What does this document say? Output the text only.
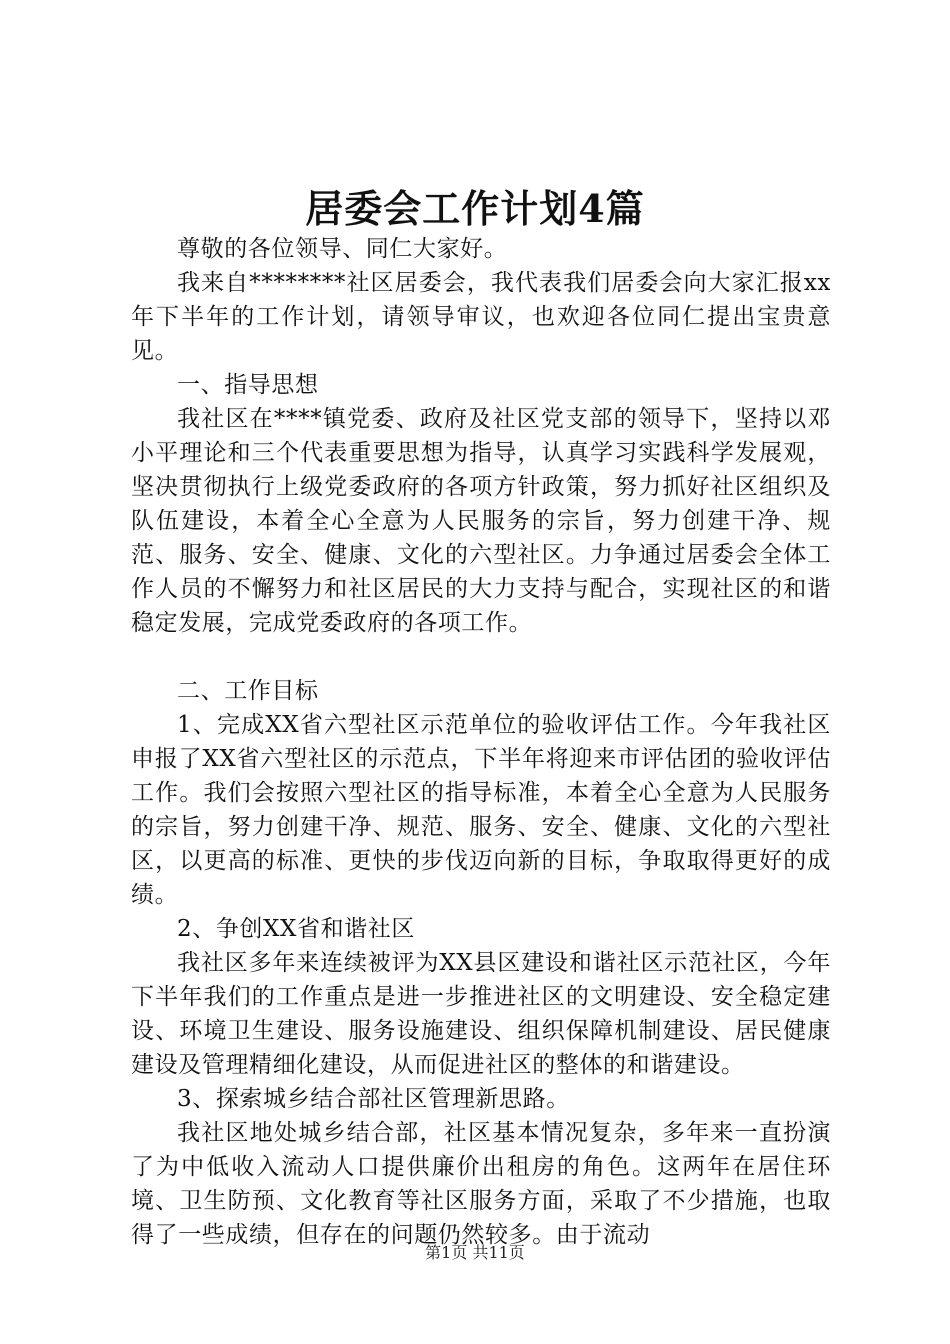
居委会工作计划4篇

尊敬的各位领导、同仁大家好。

我来自********社区居委会，我代表我们居委会向大家汇报xx年下半年的工作计划，请领导审议，也欢迎各位同仁提出宝贵意见。

一、指导思想

我社区在****镇党委、政府及社区党支部的领导下，坚持以邓小平理论和三个代表重要思想为指导，认真学习实践科学发展观，坚决贯彻执行上级党委政府的各项方针政策，努力抓好社区组织及队伍建设，本着全心全意为人民服务的宗旨，努力创建干净、规范、服务、安全、健康、文化的六型社区。力争通过居委会全体工作人员的不懈努力和社区居民的大力支持与配合，实现社区的和谐稳定发展，完成党委政府的各项工作。

二、工作目标

1、完成XX省六型社区示范单位的验收评估工作。今年我社区申报了XX省六型社区的示范点，下半年将迎来市评估团的验收评估工作。我们会按照六型社区的指导标准，本着全心全意为人民服务的宗旨，努力创建干净、规范、服务、安全、健康、文化的六型社区，以更高的标准、更快的步伐迈向新的目标，争取取得更好的成绩。

2、争创XX省和谐社区

我社区多年来连续被评为XX县区建设和谐社区示范社区，今年下半年我们的工作重点是进一步推进社区的文明建设、安全稳定建设、环境卫生建设、服务设施建设、组织保障机制建设、居民健康建设及管理精细化建设，从而促进社区的整体的和谐建设。

3、探索城乡结合部社区管理新思路。

我社区地处城乡结合部，社区基本情况复杂，多年来一直扮演了为中低收入流动人口提供廉价出租房的角色。这两年在居住环境、卫生防预、文化教育等社区服务方面，采取了不少措施，也取得了一些成绩，但存在的问题仍然较多。由于流动

第1页 共11页
